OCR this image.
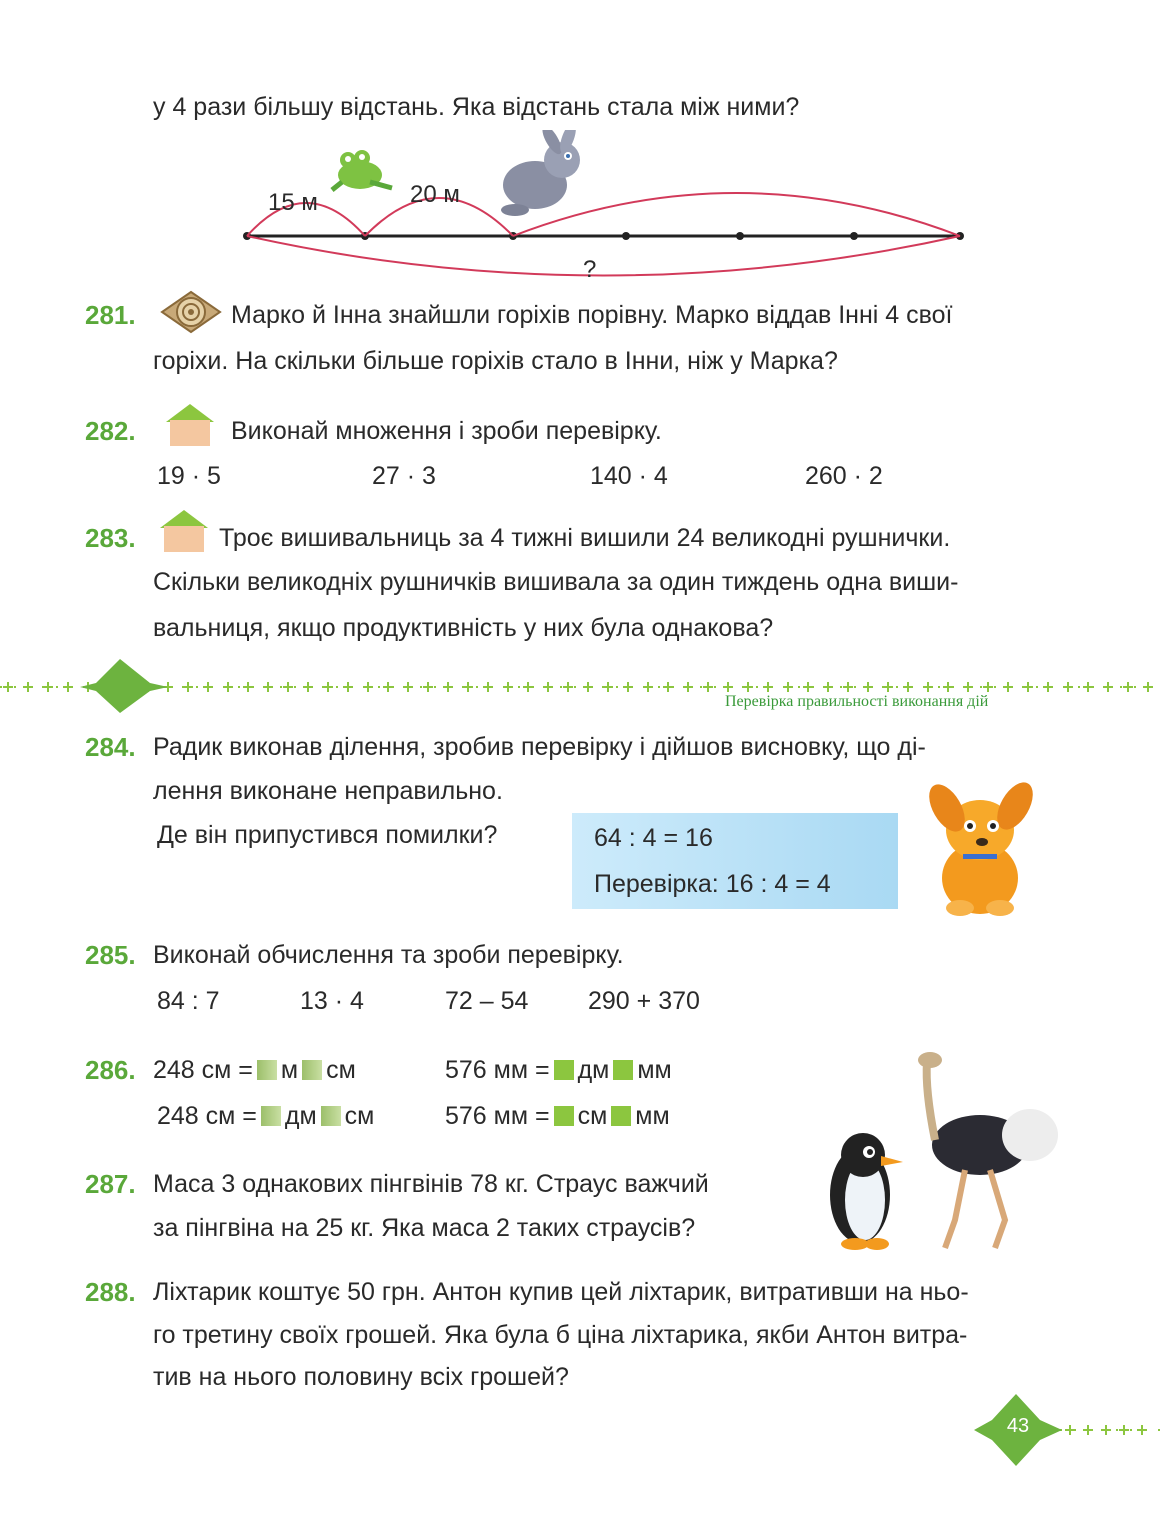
у 4 рази більшу відстань. Яка відстань стала між ними?
15 м	20 м
?
281.	Марко й Інна знайшли горіхів порівну. Марко віддав Інні 4 свої
горіхи. На скільки більше горіхів стало в Інни, ніж у Марка?
282.	Виконай множення і зроби перевірку.
19 · 5	27 · 3	140 · 4	260 · 2
283.	Троє вишивальниць за 4 тижні вишили 24 великодні рушнички.
Скільки великодніх рушничків вишивала за один тиждень одна виши-
вальниця, якщо продуктивність у них була однакова?
Перевірка правильності виконання дій
284. Радик виконав ділення, зробив перевірку і дійшов висновку, що ді-
лення виконане неправильно.
Де він припустився помилки?	64 : 4 = 16
Перевірка: 16 : 4 = 4
285. Виконай обчислення та зроби перевірку.
84 : 7	13 · 4	72 – 54 290 + 370
286. 248 см = м см	576 мм = дм мм
248 см = дм см	576 мм = см мм
287. Маса 3 однакових пінгвінів 78 кг. Страус важчий
за пінгвіна на 25 кг. Яка маса 2 таких страусів?
288. Ліхтарик коштує 50 грн. Антон купив цей ліхтарик, витративши на ньо-
го третину своїх грошей. Яка була б ціна ліхтарика, якби Антон витра-
тив на нього половину всіх грошей?
43
